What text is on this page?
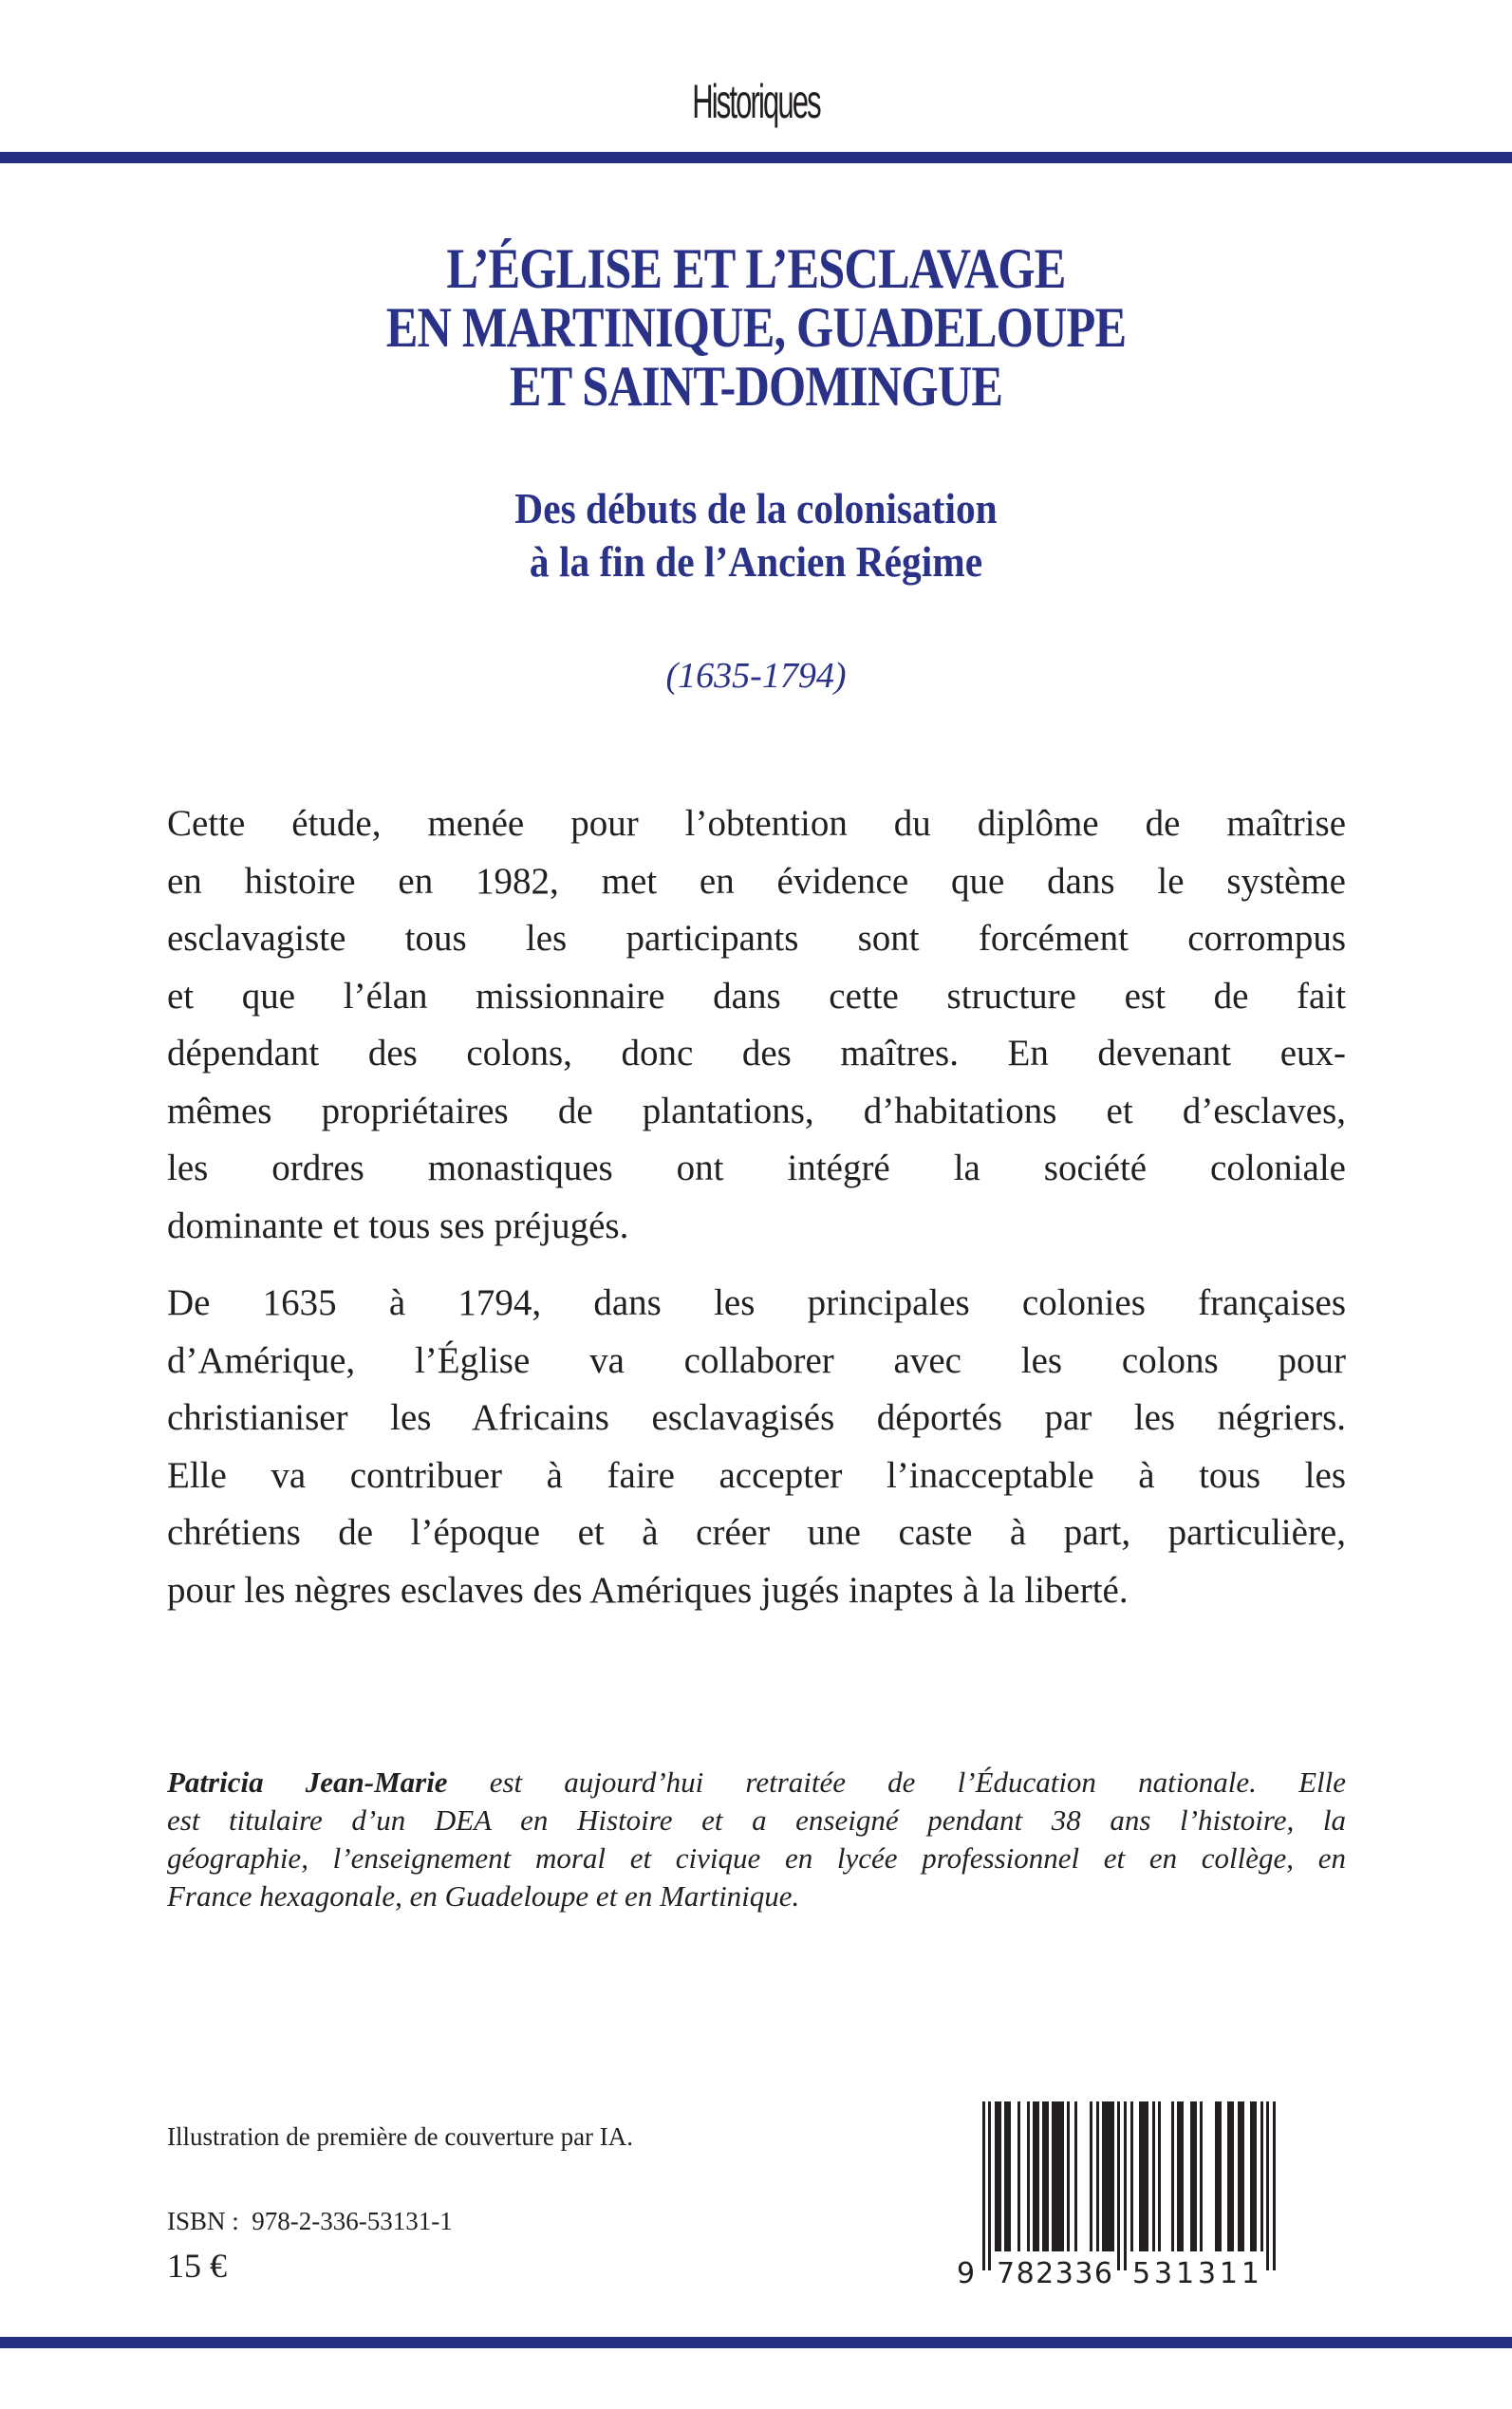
Historiques
L’ÉGLISE ET L’ESCLAVAGE
EN MARTINIQUE, GUADELOUPE
ET SAINT-DOMINGUE
Des débuts de la colonisation
à la fin de l’Ancien Régime
(1635-1794)
Cette étude, menée pour l’obtention du diplôme de maîtrise
en histoire en 1982, met en évidence que dans le système
esclavagiste tous les participants sont forcément corrompus
et que l’élan missionnaire dans cette structure est de fait
dépendant des colons, donc des maîtres. En devenant eux-
mêmes propriétaires de plantations, d’habitations et d’esclaves,
les ordres monastiques ont intégré la société coloniale
dominante et tous ses préjugés.
De 1635 à 1794, dans les principales colonies françaises
d’Amérique, l’Église va collaborer avec les colons pour
christianiser les Africains esclavagisés déportés par les négriers.
Elle va contribuer à faire accepter l’inacceptable à tous les
chrétiens de l’époque et à créer une caste à part, particulière,
pour les nègres esclaves des Amériques jugés inaptes à la liberté.
Patricia Jean-Marie est aujourd’hui retraitée de l’Éducation nationale. Elle
est titulaire d’un DEA en Histoire et a enseigné pendant 38 ans l’histoire, la
géographie, l’enseignement moral et civique en lycée professionnel et en collège, en
France hexagonale, en Guadeloupe et en Martinique.
Illustration de première de couverture par IA.
ISBN : 978-2-336-53131-1
15 €	9 782336 531311
